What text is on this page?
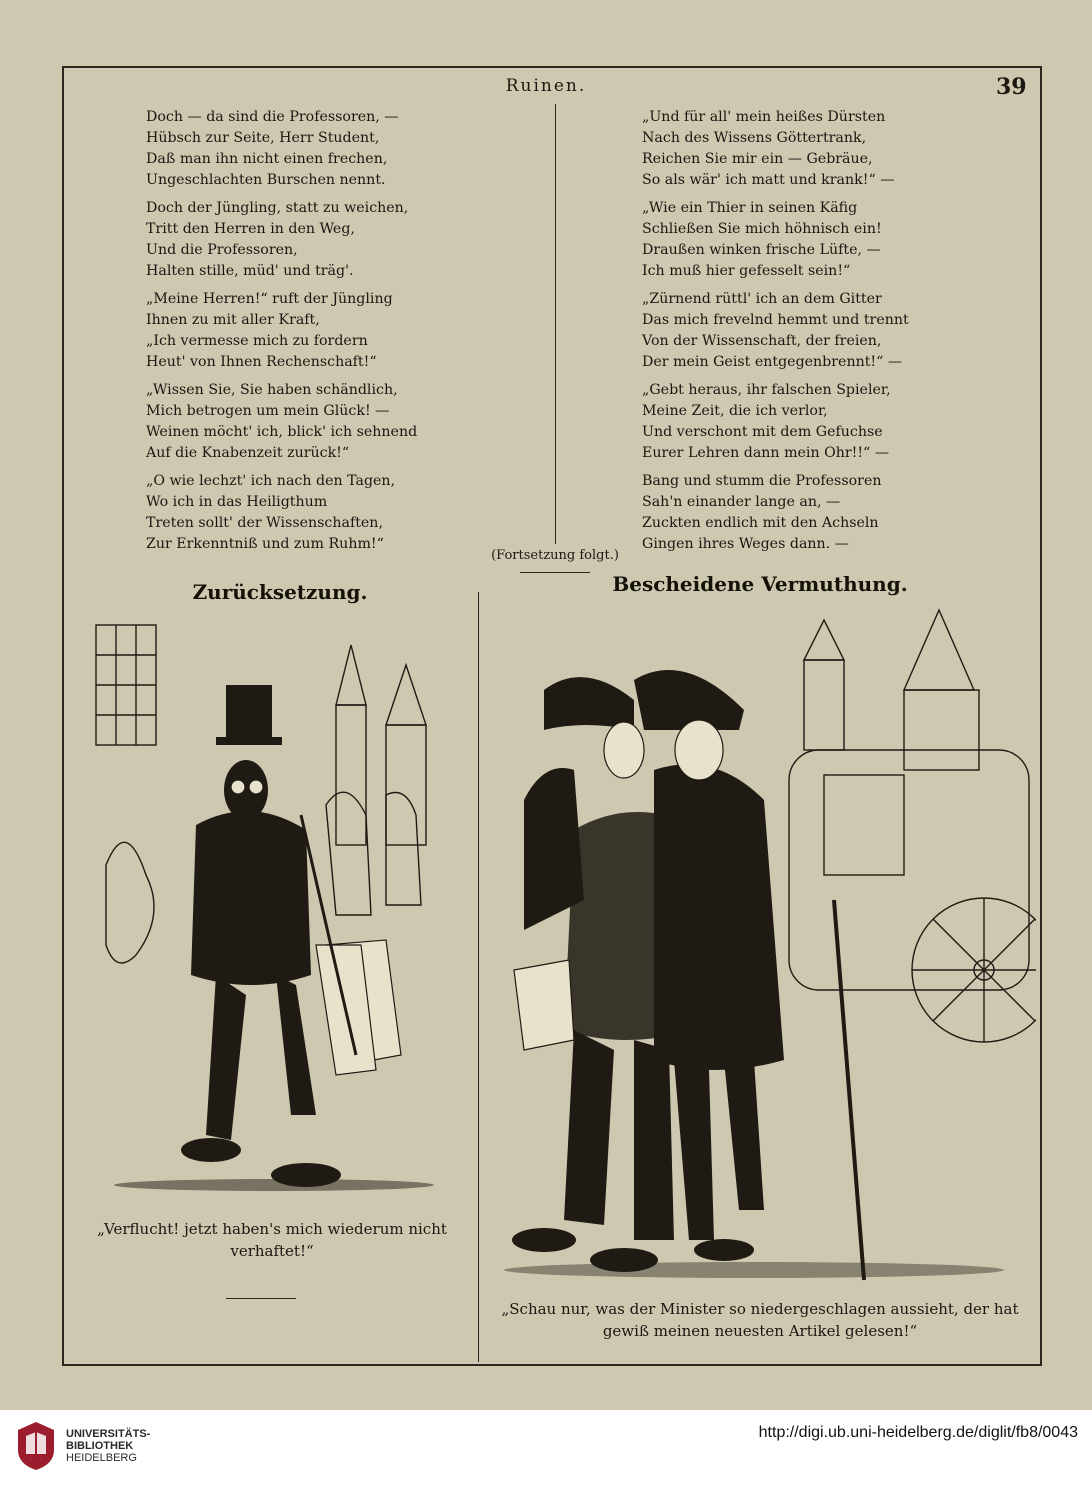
Ruinen.	39
Doch — da sind die Professoren, —
Hübsch zur Seite, Herr Student,
Daß man ihn nicht einen frechen,
Ungeschlachten Burschen nennt.
Doch der Jüngling, statt zu weichen,
Tritt den Herren in den Weg,
Und die Professoren,
Halten stille, müd' und träg'.
„Meine Herren!“ ruft der Jüngling
Ihnen zu mit aller Kraft,
„Ich vermesse mich zu fordern
Heut' von Ihnen Rechenschaft!“
„Wissen Sie, Sie haben schändlich,
Mich betrogen um mein Glück! —
Weinen möcht' ich, blick' ich sehnend
Auf die Knabenzeit zurück!“
„O wie lechzt' ich nach den Tagen,
Wo ich in das Heiligthum
Treten sollt' der Wissenschaften,
Zur Erkenntniß und zum Ruhm!“
„Und für all' mein heißes Dürsten
Nach des Wissens Göttertrank,
Reichen Sie mir ein — Gebräue,
So als wär' ich matt und krank!“ —
„Wie ein Thier in seinen Käfig
Schließen Sie mich höhnisch ein!
Draußen winken frische Lüfte, —
Ich muß hier gefesselt sein!“
„Zürnend rüttl' ich an dem Gitter
Das mich frevelnd hemmt und trennt
Von der Wissenschaft, der freien,
Der mein Geist entgegenbrennt!“ —
„Gebt heraus, ihr falschen Spieler,
Meine Zeit, die ich verlor,
Und verschont mit dem Gefuchse
Eurer Lehren dann mein Ohr!!“ —
Bang und stumm die Professoren
Sah'n einander lange an, —
Zuckten endlich mit den Achseln
Gingen ihres Weges dann. —
(Fortsetzung folgt.)
Zurücksetzung.	Bescheidene Vermuthung.
„Verflucht! jetzt haben's mich wiederum nicht
verhaftet!“
„Schau nur, was der Minister so niedergeschlagen aussieht, der hat
gewiß meinen neuesten Artikel gelesen!“
UNIVERSITÄTS-
BIBLIOTHEK
HEIDELBERG
http://digi.ub.uni-heidelberg.de/diglit/fb8/0043
